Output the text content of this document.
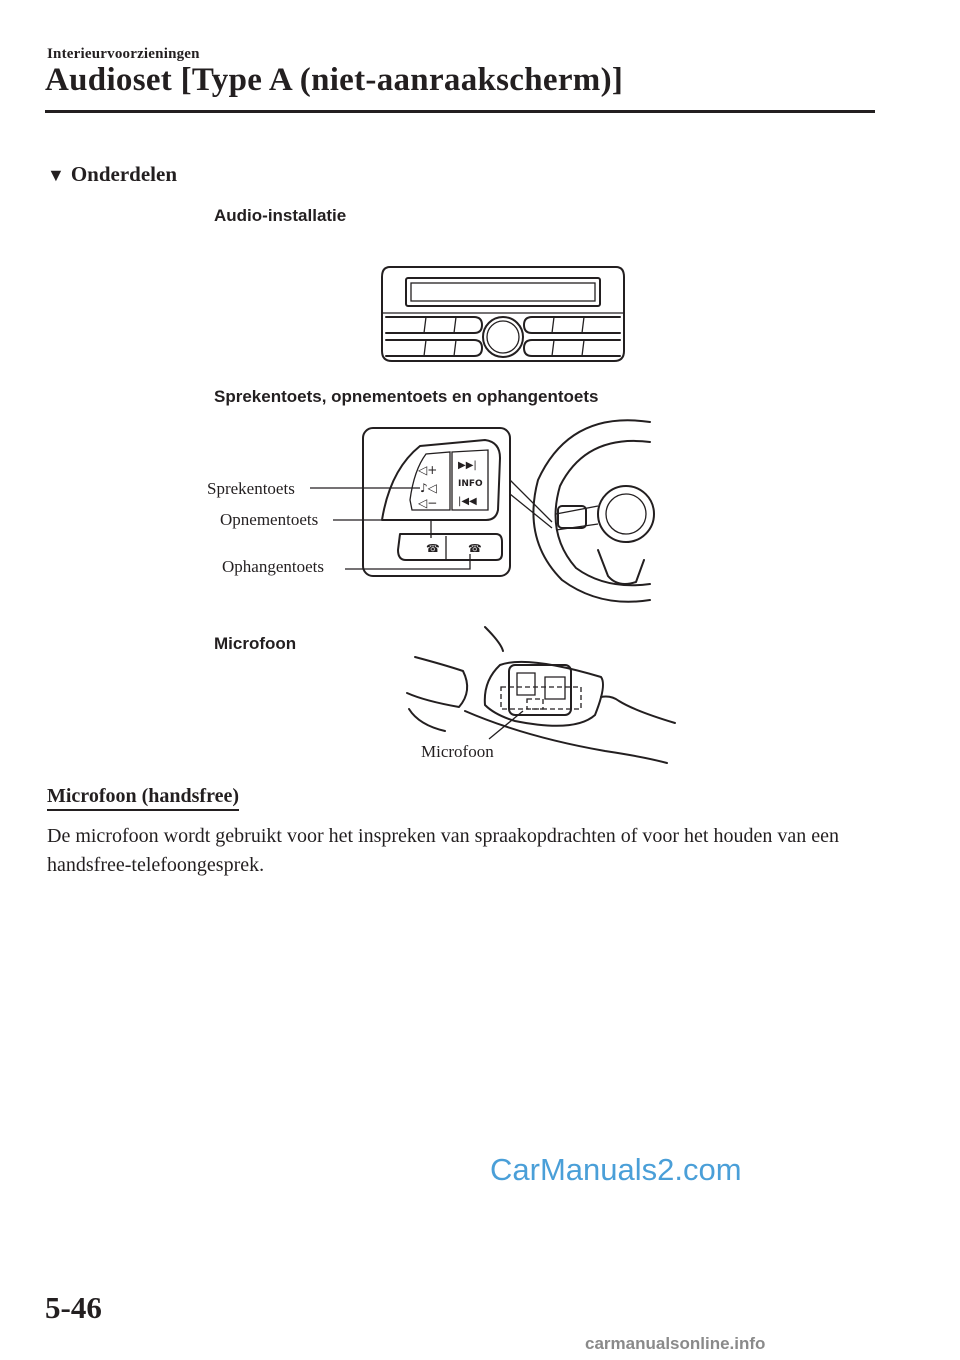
Interieurvoorzieningen
Audioset [Type A (niet-aanraakscherm)]
▼ Onderdelen
Audio-installatie
Sprekentoets, opnementoets en ophangentoets
◁+
♪◁
◁−
▶▶|
INFO
|◀◀
☎	☎
Sprekentoets
Opnementoets
Ophangentoets
Microfoon
Microfoon
Microfoon (handsfree)
De microfoon wordt gebruikt voor het inspreken van spraakopdrachten of voor het houden van een handsfree-telefoongesprek.
CarManuals2.com
5-46
carmanualsonline.info
